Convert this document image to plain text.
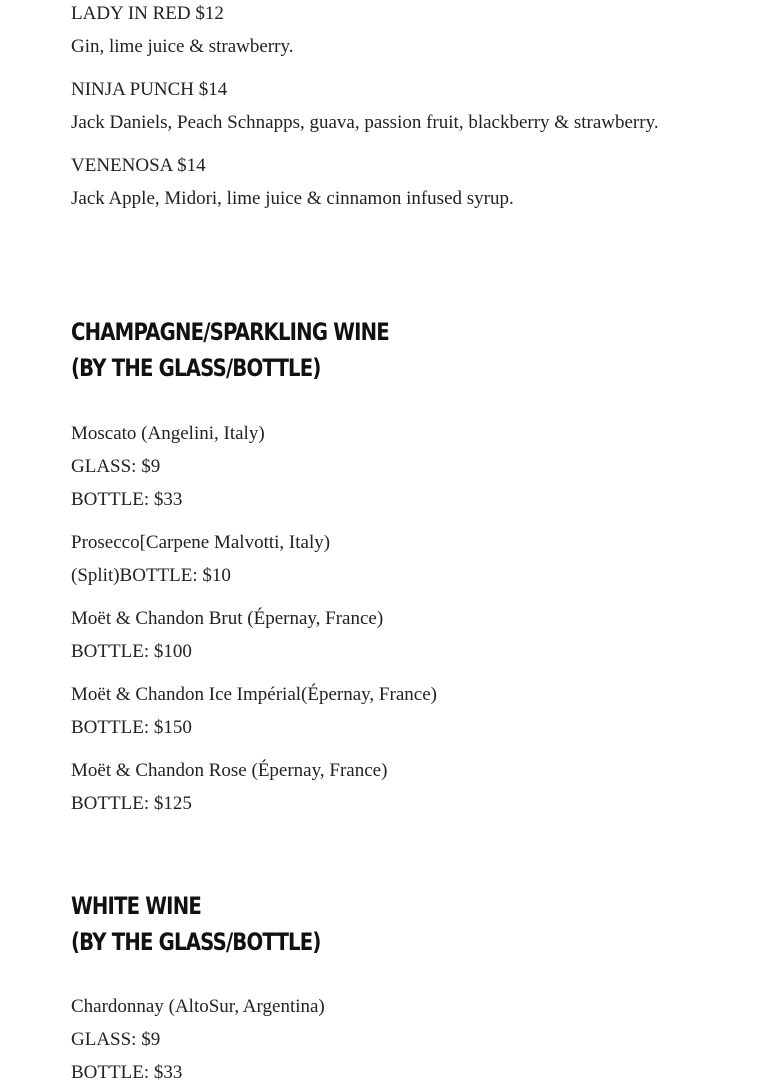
LADY IN RED $12

Gin, lime juice & strawberry.

NINJA PUNCH $14

Jack Daniels, Peach Schnapps, guava, passion fruit, blackberry & strawberry.

VENENOSA $14

Jack Apple, Midori, lime juice & cinnamon infused syrup.

CHAMPAGNE/SPARKLING WINE
(BY THE GLASS/BOTTLE)

Moscato (Angelini, Italy)

GLASS: $9

BOTTLE: $33

Prosecco[Carpene Malvotti, Italy)

(Split)BOTTLE: $10

Moët & Chandon Brut (Épernay, France)

BOTTLE: $100

Moët & Chandon Ice Impérial(Épernay, France)

BOTTLE: $150

Moët & Chandon Rose (Épernay, France)

BOTTLE: $125

WHITE WINE
(BY THE GLASS/BOTTLE)

Chardonnay (AltoSur, Argentina)

GLASS: $9

BOTTLE: $33
